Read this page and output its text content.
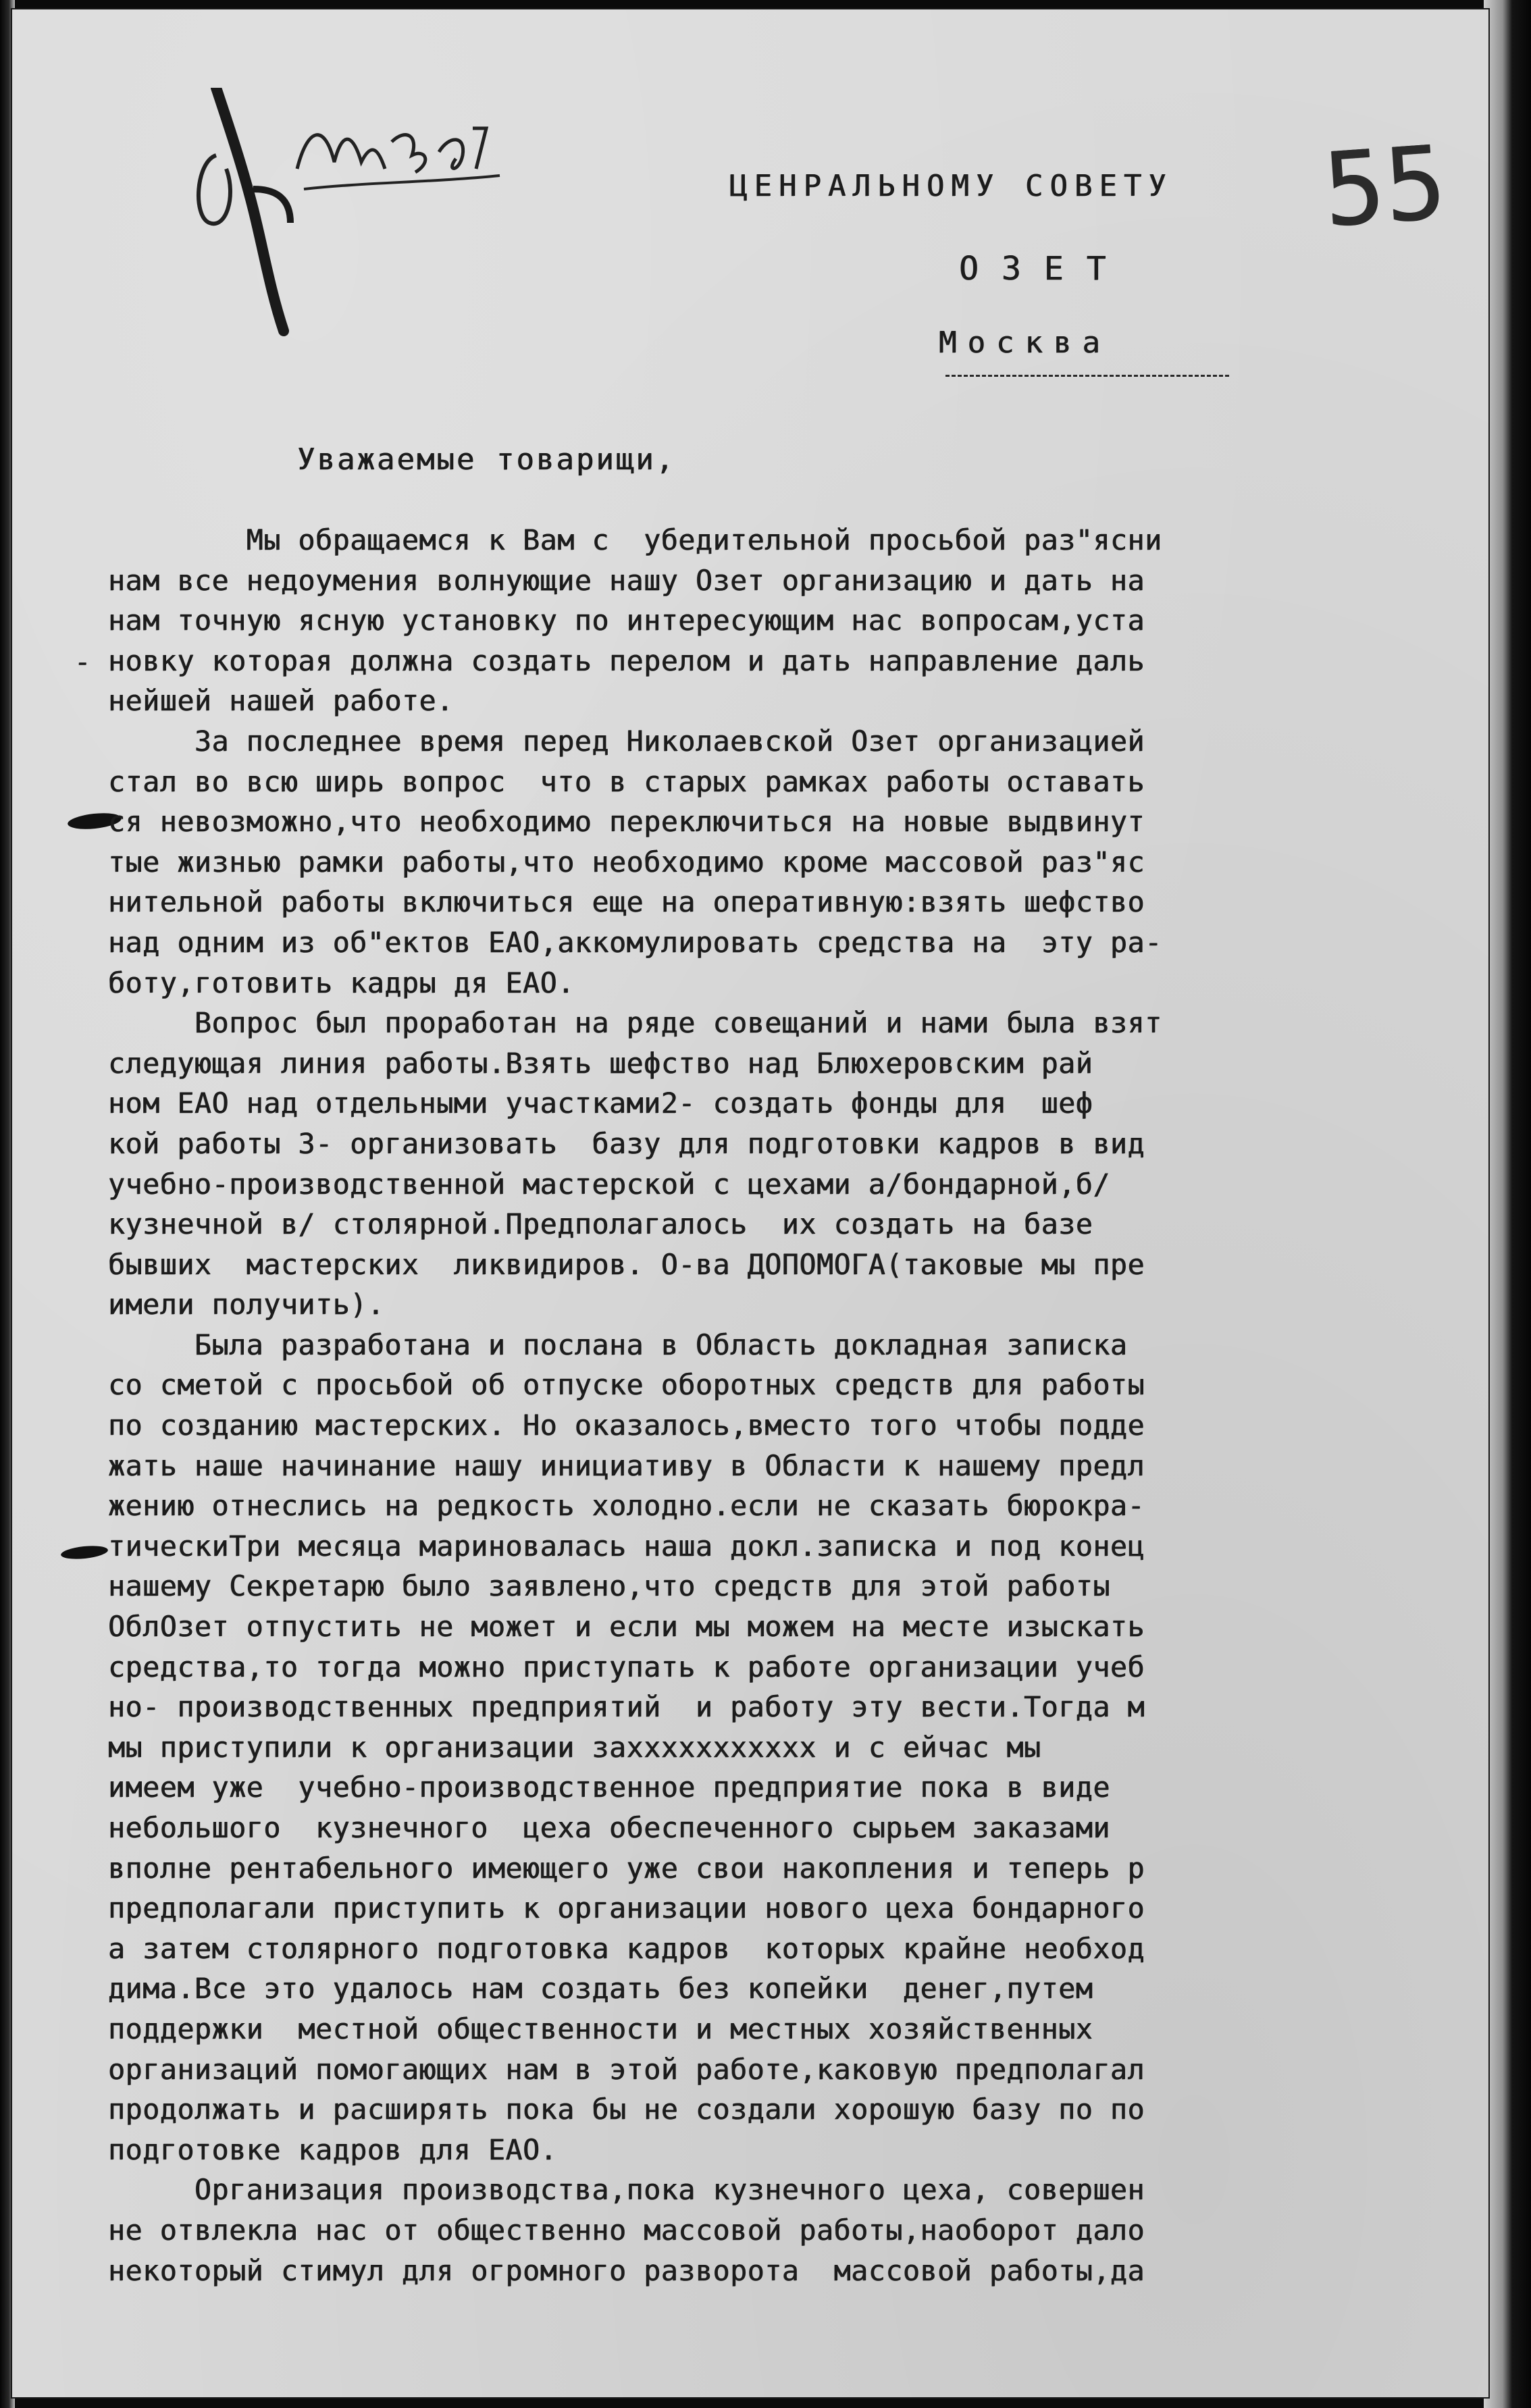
55
ЦЕНРАЛЬНОМУ СОВЕТУ
ОЗЕТ
Москва
Уважаемые товарищи,
-
Мы обращаемся к Вам с  убедительной просьбой раз"ясни
нам все недоумения волнующие нашу Озет организацию и дать на
нам точную ясную установку по интересующим нас вопросам,уста
новку которая должна создать перелом и дать направление даль
нейшей нашей работе.
За последнее время перед Николаевской Озет организацией
стал во всю ширь вопрос  что в старых рамках работы оставать
ся невозможно,что необходимо переключиться на новые выдвинут
тые жизнью рамки работы,что необходимо кроме массовой раз"яс
нительной работы включиться еще на оперативную:взять шефство
над одним из об"ектов ЕАО,аккомулировать средства на  эту ра-
боту,готовить кадры дя ЕАО.
Вопрос был проработан на ряде совещаний и нами была взят
следующая линия работы.Взять шефство над Блюхеровским рай
ном ЕАО над отдельными участками2- создать фонды для  шеф
кой работы 3- организовать  базу для подготовки кадров в вид
учебно-производственной мастерской с цехами а/бондарной,б/
кузнечной в/ столярной.Предполагалось  их создать на базе
бывших  мастерских  ликвидиров. О-ва ДОПОМОГА(таковые мы пре
имели получить).
Была разработана и послана в Область докладная записка
со сметой с просьбой об отпуске оборотных средств для работы
по созданию мастерских. Но оказалось,вместо того чтобы подде
жать наше начинание нашу инициативу в Области к нашему предл
жению отнеслись на редкость холодно.если не сказать бюрокра-
тическиТри месяца мариновалась наша докл.записка и под конец
нашему Секретарю было заявлено,что средств для этой работы
ОблОзет отпустить не может и если мы можем на месте изыскать
средства,то тогда можно приступать к работе организации учеб
но- производственных предприятий  и работу эту вести.Тогда м
мы приступили к организации заххххххххххх и с ейчас мы
имеем уже  учебно-производственное предприятие пока в виде
небольшого  кузнечного  цеха обеспеченного сырьем заказами
вполне рентабельного имеющего уже свои накопления и теперь р
предполагали приступить к организации нового цеха бондарного
а затем столярного подготовка кадров  которых крайне необход
дима.Все это удалось нам создать без копейки  денег,путем
поддержки  местной общественности и местных хозяйственных
организаций помогающих нам в этой работе,каковую предполагал
продолжать и расширять пока бы не создали хорошую базу по по
подготовке кадров для ЕАО.
Организация производства,пока кузнечного цеха, совершен
не отвлекла нас от общественно массовой работы,наоборот дало
некоторый стимул для огромного разворота  массовой работы,да
